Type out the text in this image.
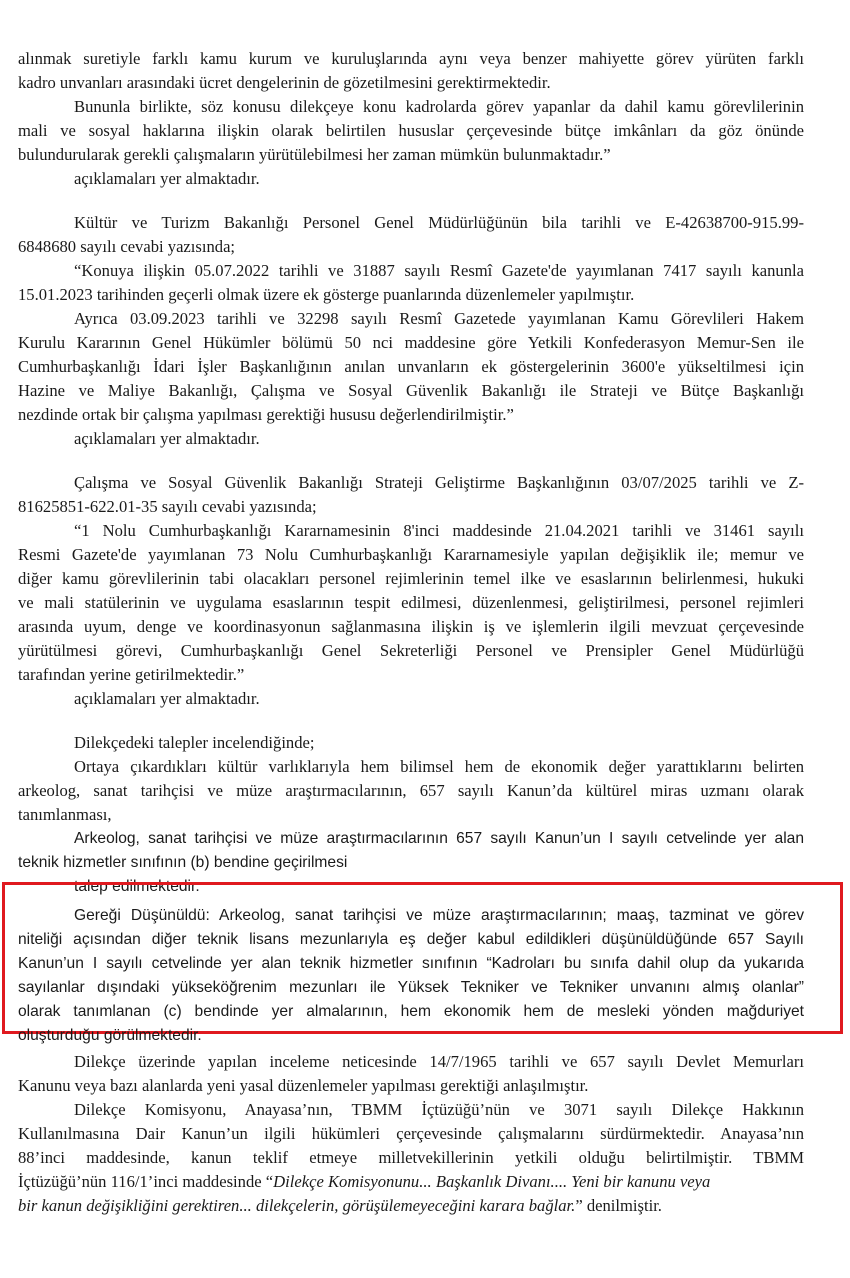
alınmak suretiyle farklı kamu kurum ve kuruluşlarında aynı veya benzer mahiyette görev yürüten farklı

kadro unvanları arasındaki ücret dengelerinin de gözetilmesini gerektirmektedir.

Bununla birlikte, söz konusu dilekçeye konu kadrolarda görev yapanlar da dahil kamu görevlilerinin

mali ve sosyal haklarına ilişkin olarak belirtilen hususlar çerçevesinde bütçe imkânları da göz önünde

bulundurularak gerekli çalışmaların yürütülebilmesi her zaman mümkün bulunmaktadır.”

açıklamaları yer almaktadır.

Kültür ve Turizm Bakanlığı Personel Genel Müdürlüğünün bila tarihli ve E-42638700-915.99-

6848680 sayılı cevabi yazısında;

“Konuya ilişkin 05.07.2022 tarihli ve 31887 sayılı Resmî Gazete'de yayımlanan 7417 sayılı kanunla

15.01.2023 tarihinden geçerli olmak üzere ek gösterge puanlarında düzenlemeler yapılmıştır.

Ayrıca 03.09.2023 tarihli ve 32298 sayılı Resmî Gazetede yayımlanan Kamu Görevlileri Hakem

Kurulu Kararının Genel Hükümler bölümü 50 nci maddesine göre Yetkili Konfederasyon Memur-Sen ile

Cumhurbaşkanlığı İdari İşler Başkanlığının anılan unvanların ek göstergelerinin 3600'e yükseltilmesi için

Hazine ve Maliye Bakanlığı, Çalışma ve Sosyal Güvenlik Bakanlığı ile Strateji ve Bütçe Başkanlığı

nezdinde ortak bir çalışma yapılması gerektiği hususu değerlendirilmiştir.”

açıklamaları yer almaktadır.

Çalışma ve Sosyal Güvenlik Bakanlığı Strateji Geliştirme Başkanlığının 03/07/2025 tarihli ve Z-

81625851-622.01-35 sayılı cevabi yazısında;

“1 Nolu Cumhurbaşkanlığı Kararnamesinin 8'inci maddesinde 21.04.2021 tarihli ve 31461 sayılı

Resmi Gazete'de yayımlanan 73 Nolu Cumhurbaşkanlığı Kararnamesiyle yapılan değişiklik ile; memur ve

diğer kamu görevlilerinin tabi olacakları personel rejimlerinin temel ilke ve esaslarının belirlenmesi, hukuki

ve mali statülerinin ve uygulama esaslarının tespit edilmesi, düzenlenmesi, geliştirilmesi, personel rejimleri

arasında uyum, denge ve koordinasyonun sağlanmasına ilişkin iş ve işlemlerin ilgili mevzuat çerçevesinde

yürütülmesi görevi, Cumhurbaşkanlığı Genel Sekreterliği Personel ve Prensipler Genel Müdürlüğü

tarafından yerine getirilmektedir.”

açıklamaları yer almaktadır.

Dilekçedeki talepler incelendiğinde;

Ortaya çıkardıkları kültür varlıklarıyla hem bilimsel hem de ekonomik değer yarattıklarını belirten

arkeolog, sanat tarihçisi ve müze araştırmacılarının, 657 sayılı Kanun’da kültürel miras uzmanı olarak

tanımlanması,

Arkeolog, sanat tarihçisi ve müze araştırmacılarının 657 sayılı Kanun’un I sayılı cetvelinde yer alan

teknik hizmetler sınıfının (b) bendine geçirilmesi

talep edilmektedir.

Gereği Düşünüldü: Arkeolog, sanat tarihçisi ve müze araştırmacılarının; maaş, tazminat ve görev

niteliği açısından diğer teknik lisans mezunlarıyla eş değer kabul edildikleri düşünüldüğünde 657 Sayılı

Kanun’un I sayılı cetvelinde yer alan teknik hizmetler sınıfının “Kadroları bu sınıfa dahil olup da yukarıda

sayılanlar dışındaki yükseköğrenim mezunları ile Yüksek Tekniker ve Tekniker unvanını almış olanlar”

olarak tanımlanan (c) bendinde yer almalarının, hem ekonomik hem de mesleki yönden mağduriyet

oluşturduğu görülmektedir.

Dilekçe üzerinde yapılan inceleme neticesinde 14/7/1965 tarihli ve 657 sayılı Devlet Memurları

Kanunu veya bazı alanlarda yeni yasal düzenlemeler yapılması gerektiği anlaşılmıştır.

Dilekçe Komisyonu, Anayasa’nın, TBMM İçtüzüğü’nün ve 3071 sayılı Dilekçe Hakkının

Kullanılmasına Dair Kanun’un ilgili hükümleri çerçevesinde çalışmalarını sürdürmektedir. Anayasa’nın

88’inci maddesinde, kanun teklif etmeye milletvekillerinin yetkili olduğu belirtilmiştir. TBMM

İçtüzüğü’nün 116/1’inci maddesinde “Dilekçe Komisyonunu... Başkanlık Divanı.... Yeni bir kanunu veya

bir kanun değişikliğini gerektiren... dilekçelerin, görüşülemeyeceğini karara bağlar.” denilmiştir.
